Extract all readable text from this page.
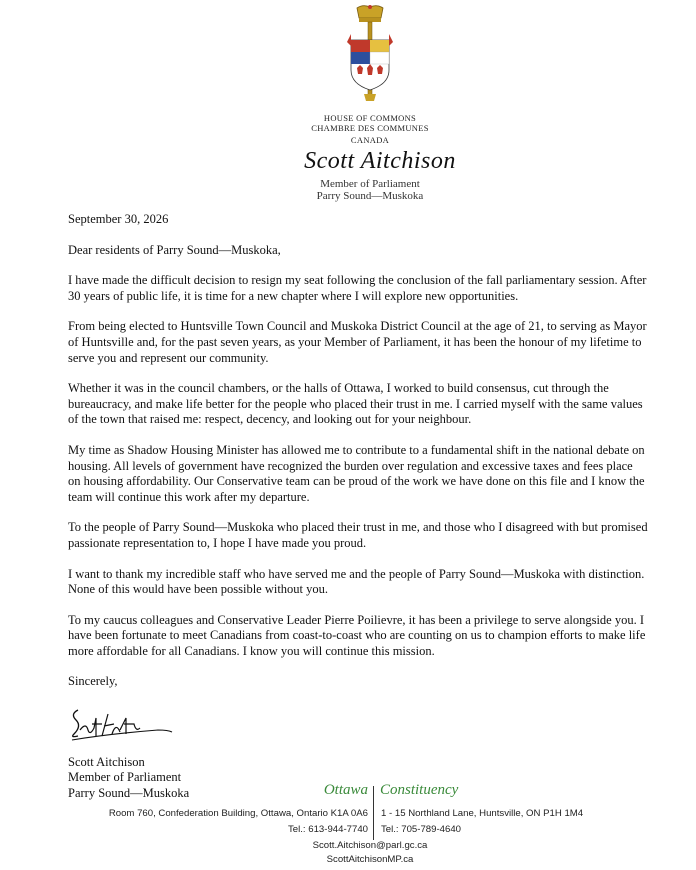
HOUSE OF COMMONS
CHAMBRE DES COMMUNES
CANADA
Scott Aitchison
Member of Parliament
Parry Sound—Muskoka

September 30, 2026

Dear residents of Parry Sound—Muskoka,

I have made the difficult decision to resign my seat following the conclusion of the fall parliamentary session. After 30 years of public life, it is time for a new chapter where I will explore new opportunities.

From being elected to Huntsville Town Council and Muskoka District Council at the age of 21, to serving as Mayor of Huntsville and, for the past seven years, as your Member of Parliament, it has been the honour of my lifetime to serve you and represent our community.

Whether it was in the council chambers, or the halls of Ottawa, I worked to build consensus, cut through the bureaucracy, and make life better for the people who placed their trust in me. I carried myself with the same values of the town that raised me: respect, decency, and looking out for your neighbour.

My time as Shadow Housing Minister has allowed me to contribute to a fundamental shift in the national debate on housing. All levels of government have recognized the burden over regulation and excessive taxes and fees place on housing affordability. Our Conservative team can be proud of the work we have done on this file and I know the team will continue this work after my departure.

To the people of Parry Sound—Muskoka who placed their trust in me, and those who I disagreed with but promised passionate representation to, I hope I have made you proud.

I want to thank my incredible staff who have served me and the people of Parry Sound—Muskoka with distinction. None of this would have been possible without you.

To my caucus colleagues and Conservative Leader Pierre Poilievre, it has been a privilege to serve alongside you. I have been fortunate to meet Canadians from coast-to-coast who are counting on us to champion efforts to make life more affordable for all Canadians. I know you will continue this mission.

Sincerely,

Scott Aitchison

Member of Parliament

Parry Sound—Muskoka	Ottawa Constituency
Room 760, Confederation Building, Ottawa, Ontario K1A 0A6
Tel.: 613-944-7740
1 - 15 Northland Lane, Huntsville, ON P1H 1M4
Tel.: 705-789-4640
Scott.Aitchison@parl.gc.ca
ScottAitchisonMP.ca
